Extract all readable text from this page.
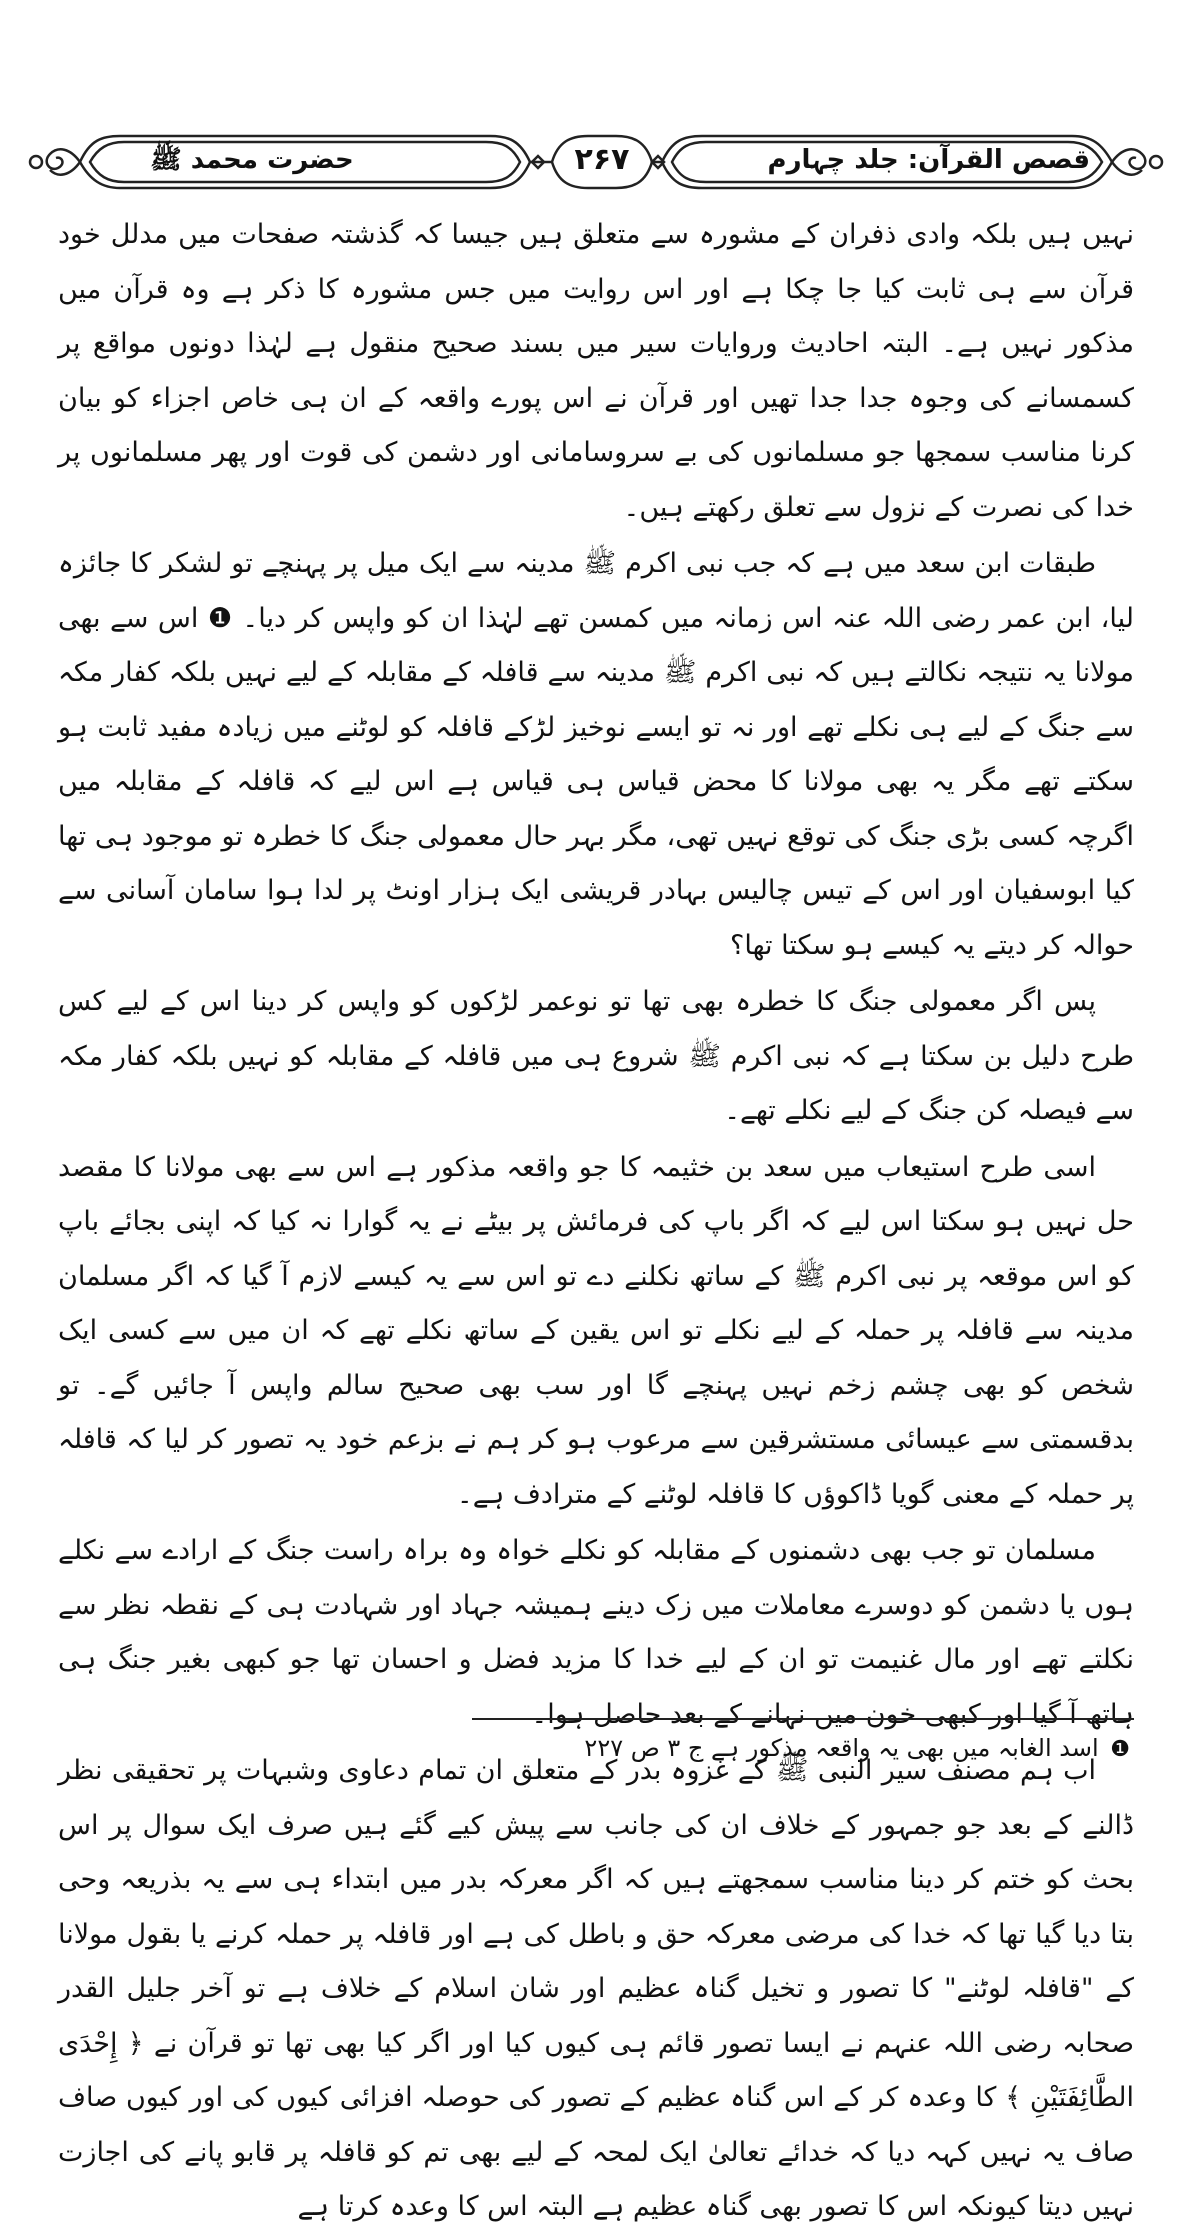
قصص القرآن: جلد چہارم
۲۶۷
حضرت محمد ﷺ

نہیں ہیں بلکہ وادی ذفران کے مشورہ سے متعلق ہیں جیسا کہ گذشتہ صفحات میں مدلل خود قرآن سے ہی ثابت کیا جا چکا ہے اور اس روایت میں جس مشورہ کا ذکر ہے وہ قرآن میں مذکور نہیں ہے۔ البتہ احادیث وروایات سیر میں بسند صحیح منقول ہے لہٰذا دونوں مواقع پر کسمسانے کی وجوہ جدا جدا تھیں اور قرآن نے اس پورے واقعہ کے ان ہی خاص اجزاء کو بیان کرنا مناسب سمجھا جو مسلمانوں کی بے سروسامانی اور دشمن کی قوت اور پھر مسلمانوں پر خدا کی نصرت کے نزول سے تعلق رکھتے ہیں۔

طبقات ابن سعد میں ہے کہ جب نبی اکرم ﷺ مدینہ سے ایک میل پر پہنچے تو لشکر کا جائزہ لیا، ابن عمر رضی اللہ عنہ اس زمانہ میں کمسن تھے لہٰذا ان کو واپس کر دیا۔ ❶ اس سے بھی مولانا یہ نتیجہ نکالتے ہیں کہ نبی اکرم ﷺ مدینہ سے قافلہ کے مقابلہ کے لیے نہیں بلکہ کفار مکہ سے جنگ کے لیے ہی نکلے تھے اور نہ تو ایسے نوخیز لڑکے قافلہ کو لوٹنے میں زیادہ مفید ثابت ہو سکتے تھے مگر یہ بھی مولانا کا محض قیاس ہی قیاس ہے اس لیے کہ قافلہ کے مقابلہ میں اگرچہ کسی بڑی جنگ کی توقع نہیں تھی، مگر بہر حال معمولی جنگ کا خطرہ تو موجود ہی تھا کیا ابوسفیان اور اس کے تیس چالیس بہادر قریشی ایک ہزار اونٹ پر لدا ہوا سامان آسانی سے حوالہ کر دیتے یہ کیسے ہو سکتا تھا؟

پس اگر معمولی جنگ کا خطرہ بھی تھا تو نوعمر لڑکوں کو واپس کر دینا اس کے لیے کس طرح دلیل بن سکتا ہے کہ نبی اکرم ﷺ شروع ہی میں قافلہ کے مقابلہ کو نہیں بلکہ کفار مکہ سے فیصلہ کن جنگ کے لیے نکلے تھے۔

اسی طرح استیعاب میں سعد بن خثیمہ کا جو واقعہ مذکور ہے اس سے بھی مولانا کا مقصد حل نہیں ہو سکتا اس لیے کہ اگر باپ کی فرمائش پر بیٹے نے یہ گوارا نہ کیا کہ اپنی بجائے باپ کو اس موقعہ پر نبی اکرم ﷺ کے ساتھ نکلنے دے تو اس سے یہ کیسے لازم آ گیا کہ اگر مسلمان مدینہ سے قافلہ پر حملہ کے لیے نکلے تو اس یقین کے ساتھ نکلے تھے کہ ان میں سے کسی ایک شخص کو بھی چشم زخم نہیں پہنچے گا اور سب بھی صحیح سالم واپس آ جائیں گے۔ تو بدقسمتی سے عیسائی مستشرقین سے مرعوب ہو کر ہم نے بزعم خود یہ تصور کر لیا کہ قافلہ پر حملہ کے معنی گویا ڈاکوؤں کا قافلہ لوٹنے کے مترادف ہے۔

مسلمان تو جب بھی دشمنوں کے مقابلہ کو نکلے خواہ وہ براہ راست جنگ کے ارادے سے نکلے ہوں یا دشمن کو دوسرے معاملات میں زک دینے ہمیشہ جہاد اور شہادت ہی کے نقطہ نظر سے نکلتے تھے اور مال غنیمت تو ان کے لیے خدا کا مزید فضل و احسان تھا جو کبھی بغیر جنگ ہی ہاتھ آ گیا اور کبھی خون میں نہانے کے بعد حاصل ہوا۔

اب ہم مصنف سیر النبی ﷺ کے غزوہ بدر کے متعلق ان تمام دعاوی وشبہات پر تحقیقی نظر ڈالنے کے بعد جو جمہور کے خلاف ان کی جانب سے پیش کیے گئے ہیں صرف ایک سوال پر اس بحث کو ختم کر دینا مناسب سمجھتے ہیں کہ اگر معرکہ بدر میں ابتداء ہی سے یہ بذریعہ وحی بتا دیا گیا تھا کہ خدا کی مرضی معرکہ حق و باطل کی ہے اور قافلہ پر حملہ کرنے یا بقول مولانا کے "قافلہ لوٹنے" کا تصور و تخیل گناہ عظیم اور شان اسلام کے خلاف ہے تو آخر جلیل القدر صحابہ رضی اللہ عنہم نے ایسا تصور قائم ہی کیوں کیا اور اگر کیا بھی تھا تو قرآن نے ﴿ إِحْدَى الطَّائِفَتَيْنِ ﴾ کا وعدہ کر کے اس گناہ عظیم کے تصور کی حوصلہ افزائی کیوں کی اور کیوں صاف صاف یہ نہیں کہہ دیا کہ خدائے تعالیٰ ایک لمحہ کے لیے بھی تم کو قافلہ پر قابو پانے کی اجازت نہیں دیتا کیونکہ اس کا تصور بھی گناہ عظیم ہے البتہ اس کا وعدہ کرتا ہے

❶ اسد الغابہ میں بھی یہ واقعہ مذکور ہے ج ۳ ص ۲۲۷
